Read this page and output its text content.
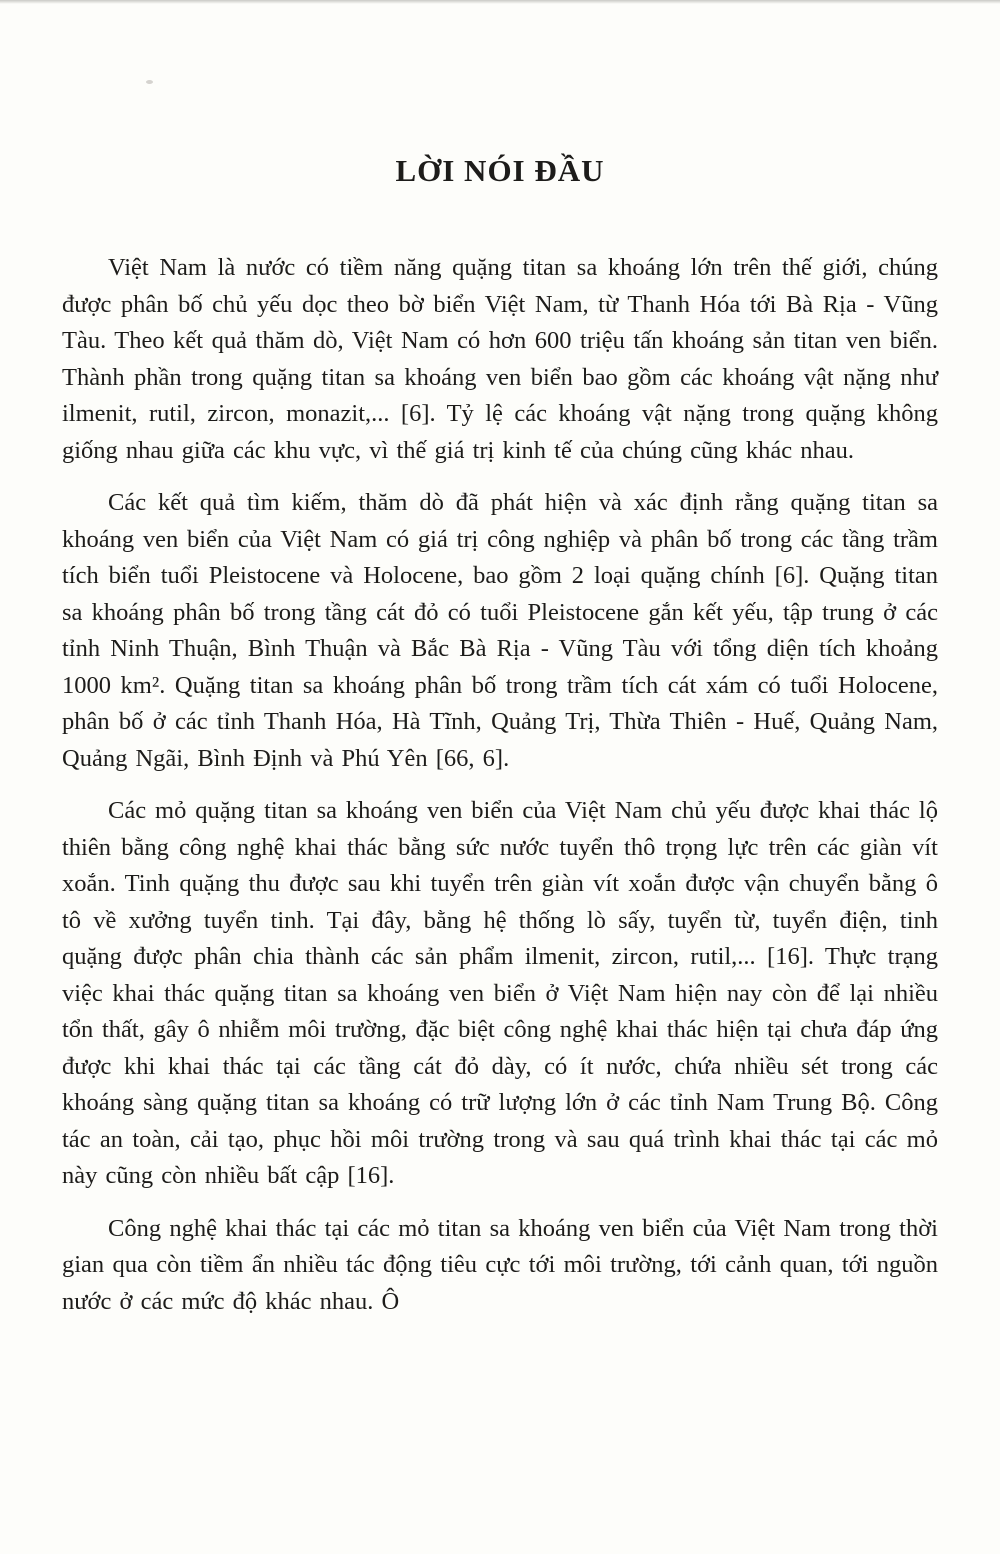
LỜI NÓI ĐẦU

Việt Nam là nước có tiềm năng quặng titan sa khoáng lớn trên thế giới, chúng được phân bố chủ yếu dọc theo bờ biển Việt Nam, từ Thanh Hóa tới Bà Rịa - Vũng Tàu. Theo kết quả thăm dò, Việt Nam có hơn 600 triệu tấn khoáng sản titan ven biển. Thành phần trong quặng titan sa khoáng ven biển bao gồm các khoáng vật nặng như ilmenit, rutil, zircon, monazit,... [6]. Tỷ lệ các khoáng vật nặng trong quặng không giống nhau giữa các khu vực, vì thế giá trị kinh tế của chúng cũng khác nhau.

Các kết quả tìm kiếm, thăm dò đã phát hiện và xác định rằng quặng titan sa khoáng ven biển của Việt Nam có giá trị công nghiệp và phân bố trong các tầng trầm tích biển tuổi Pleistocene và Holocene, bao gồm 2 loại quặng chính [6]. Quặng titan sa khoáng phân bố trong tầng cát đỏ có tuổi Pleistocene gắn kết yếu, tập trung ở các tỉnh Ninh Thuận, Bình Thuận và Bắc Bà Rịa - Vũng Tàu với tổng diện tích khoảng 1000 km². Quặng titan sa khoáng phân bố trong trầm tích cát xám có tuổi Holocene, phân bố ở các tỉnh Thanh Hóa, Hà Tĩnh, Quảng Trị, Thừa Thiên - Huế, Quảng Nam, Quảng Ngãi, Bình Định và Phú Yên [66, 6].

Các mỏ quặng titan sa khoáng ven biển của Việt Nam chủ yếu được khai thác lộ thiên bằng công nghệ khai thác bằng sức nước tuyển thô trọng lực trên các giàn vít xoắn. Tinh quặng thu được sau khi tuyển trên giàn vít xoắn được vận chuyển bằng ô tô về xưởng tuyển tinh. Tại đây, bằng hệ thống lò sấy, tuyển từ, tuyển điện, tinh quặng được phân chia thành các sản phẩm ilmenit, zircon, rutil,... [16]. Thực trạng việc khai thác quặng titan sa khoáng ven biển ở Việt Nam hiện nay còn để lại nhiều tổn thất, gây ô nhiễm môi trường, đặc biệt công nghệ khai thác hiện tại chưa đáp ứng được khi khai thác tại các tầng cát đỏ dày, có ít nước, chứa nhiều sét trong các khoáng sàng quặng titan sa khoáng có trữ lượng lớn ở các tỉnh Nam Trung Bộ. Công tác an toàn, cải tạo, phục hồi môi trường trong và sau quá trình khai thác tại các mỏ này cũng còn nhiều bất cập [16].

Công nghệ khai thác tại các mỏ titan sa khoáng ven biển của Việt Nam trong thời gian qua còn tiềm ẩn nhiều tác động tiêu cực tới môi trường, tới cảnh quan, tới nguồn nước ở các mức độ khác nhau. Ô
